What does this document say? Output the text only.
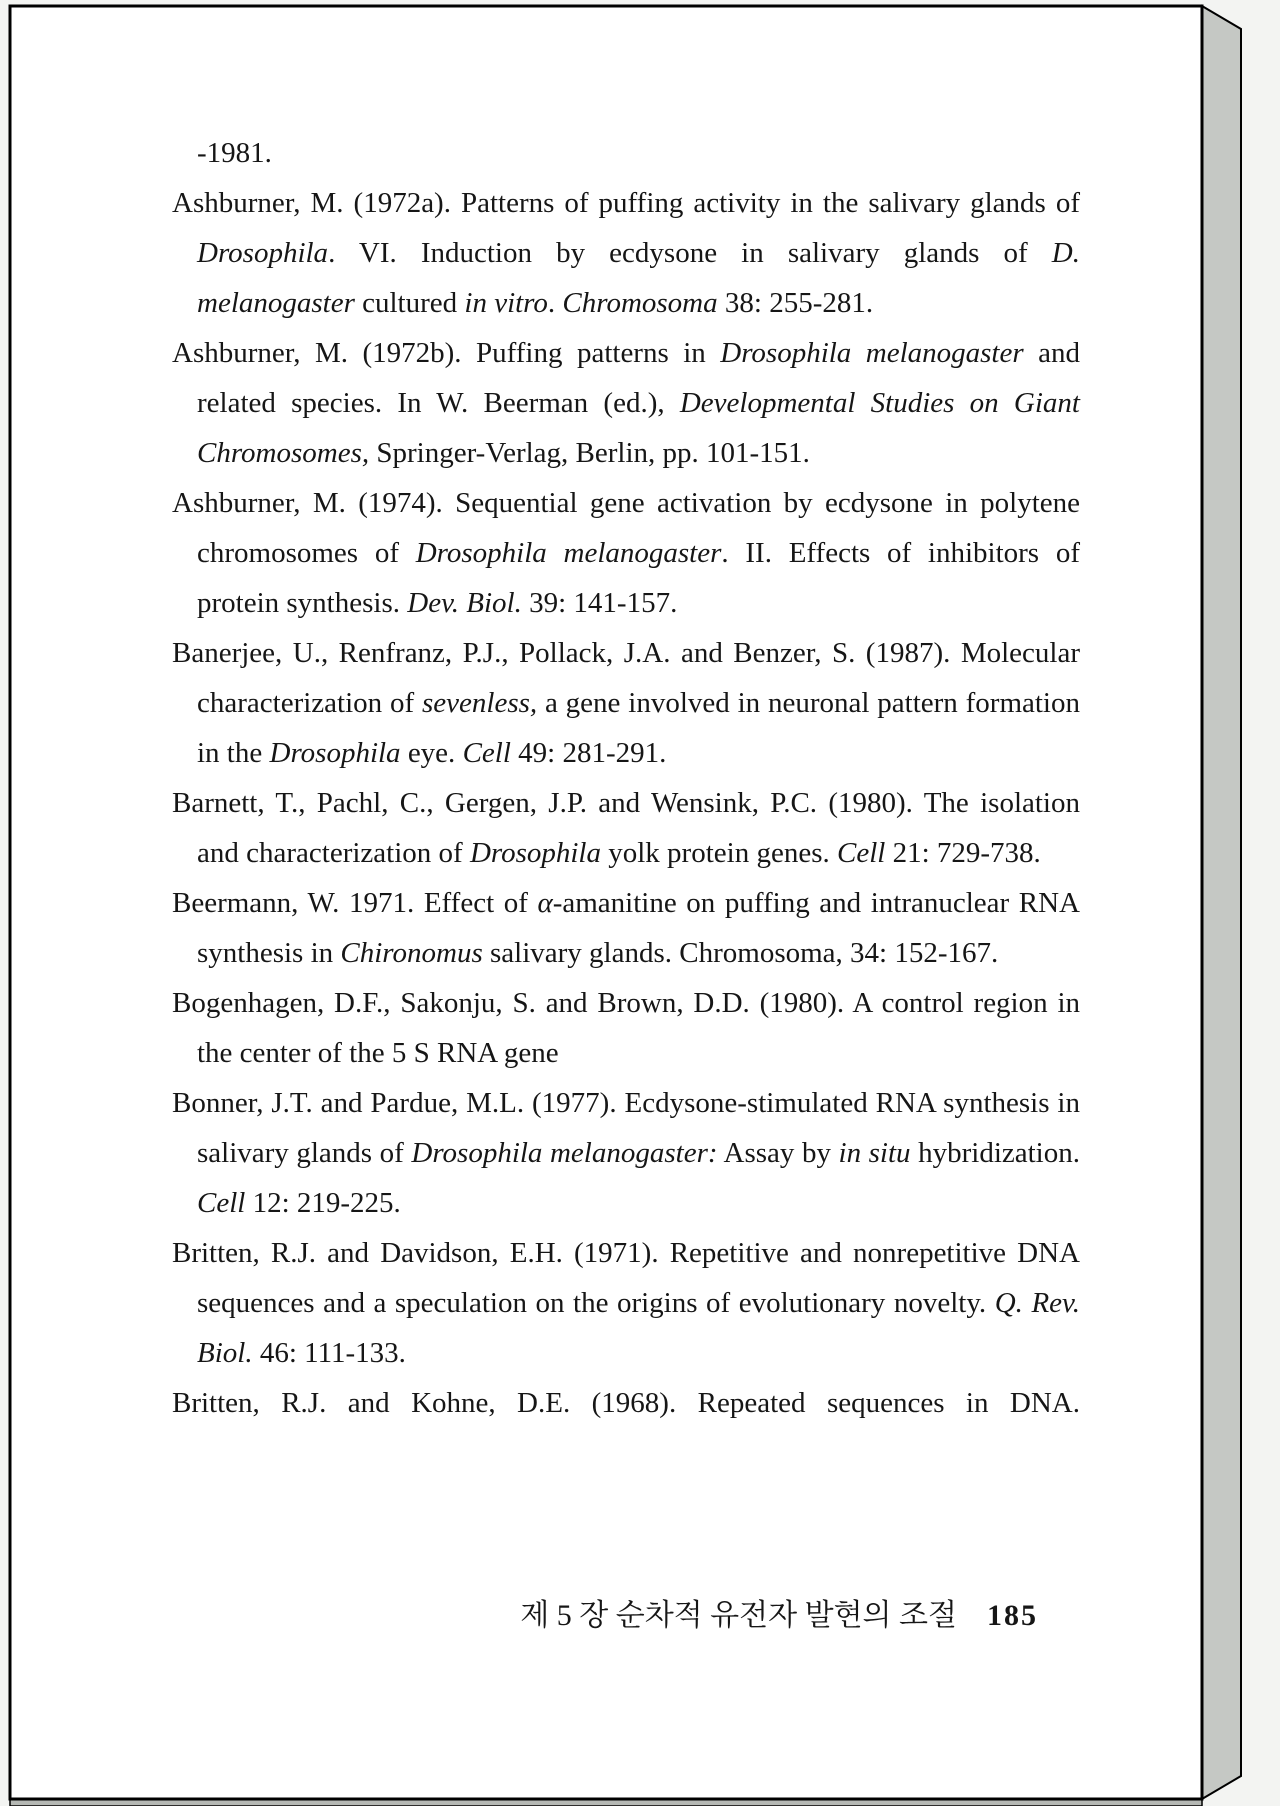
-1981.

Ashburner, M. (1972a). Patterns of puffing activity in the salivary glands of Drosophila. VI. Induction by ecdysone in salivary glands of D. melanogaster cultured in vitro. Chromosoma 38: 255-281.

Ashburner, M. (1972b). Puffing patterns in Drosophila melanogaster and related species. In W. Beerman (ed.), Developmental Studies on Giant Chromosomes, Springer-Verlag, Berlin, pp. 101-151.

Ashburner, M. (1974). Sequential gene activation by ecdysone in polytene chromosomes of Drosophila melanogaster. II. Effects of inhibitors of protein synthesis. Dev. Biol. 39: 141-157.

Banerjee, U., Renfranz, P.J., Pollack, J.A. and Benzer, S. (1987). Molecular characterization of sevenless, a gene involved in neuronal pattern formation in the Drosophila eye. Cell 49: 281-291.

Barnett, T., Pachl, C., Gergen, J.P. and Wensink, P.C. (1980). The isolation and characterization of Drosophila yolk protein genes. Cell 21: 729-738.

Beermann, W. 1971. Effect of α-amanitine on puffing and intranuclear RNA synthesis in Chironomus salivary glands. Chromosoma, 34: 152-167.

Bogenhagen, D.F., Sakonju, S. and Brown, D.D. (1980). A control region in the center of the 5 S RNA gene

Bonner, J.T. and Pardue, M.L. (1977). Ecdysone-stimulated RNA synthesis in salivary glands of Drosophila melanogaster: Assay by in situ hybridization. Cell 12: 219-225.

Britten, R.J. and Davidson, E.H. (1971). Repetitive and nonrepetitive DNA sequences and a speculation on the origins of evolutionary novelty. Q. Rev. Biol. 46: 111-133.

Britten, R.J. and Kohne, D.E. (1968). Repeated sequences in DNA.

제 5 장 순차적 유전자 발현의 조절 185
